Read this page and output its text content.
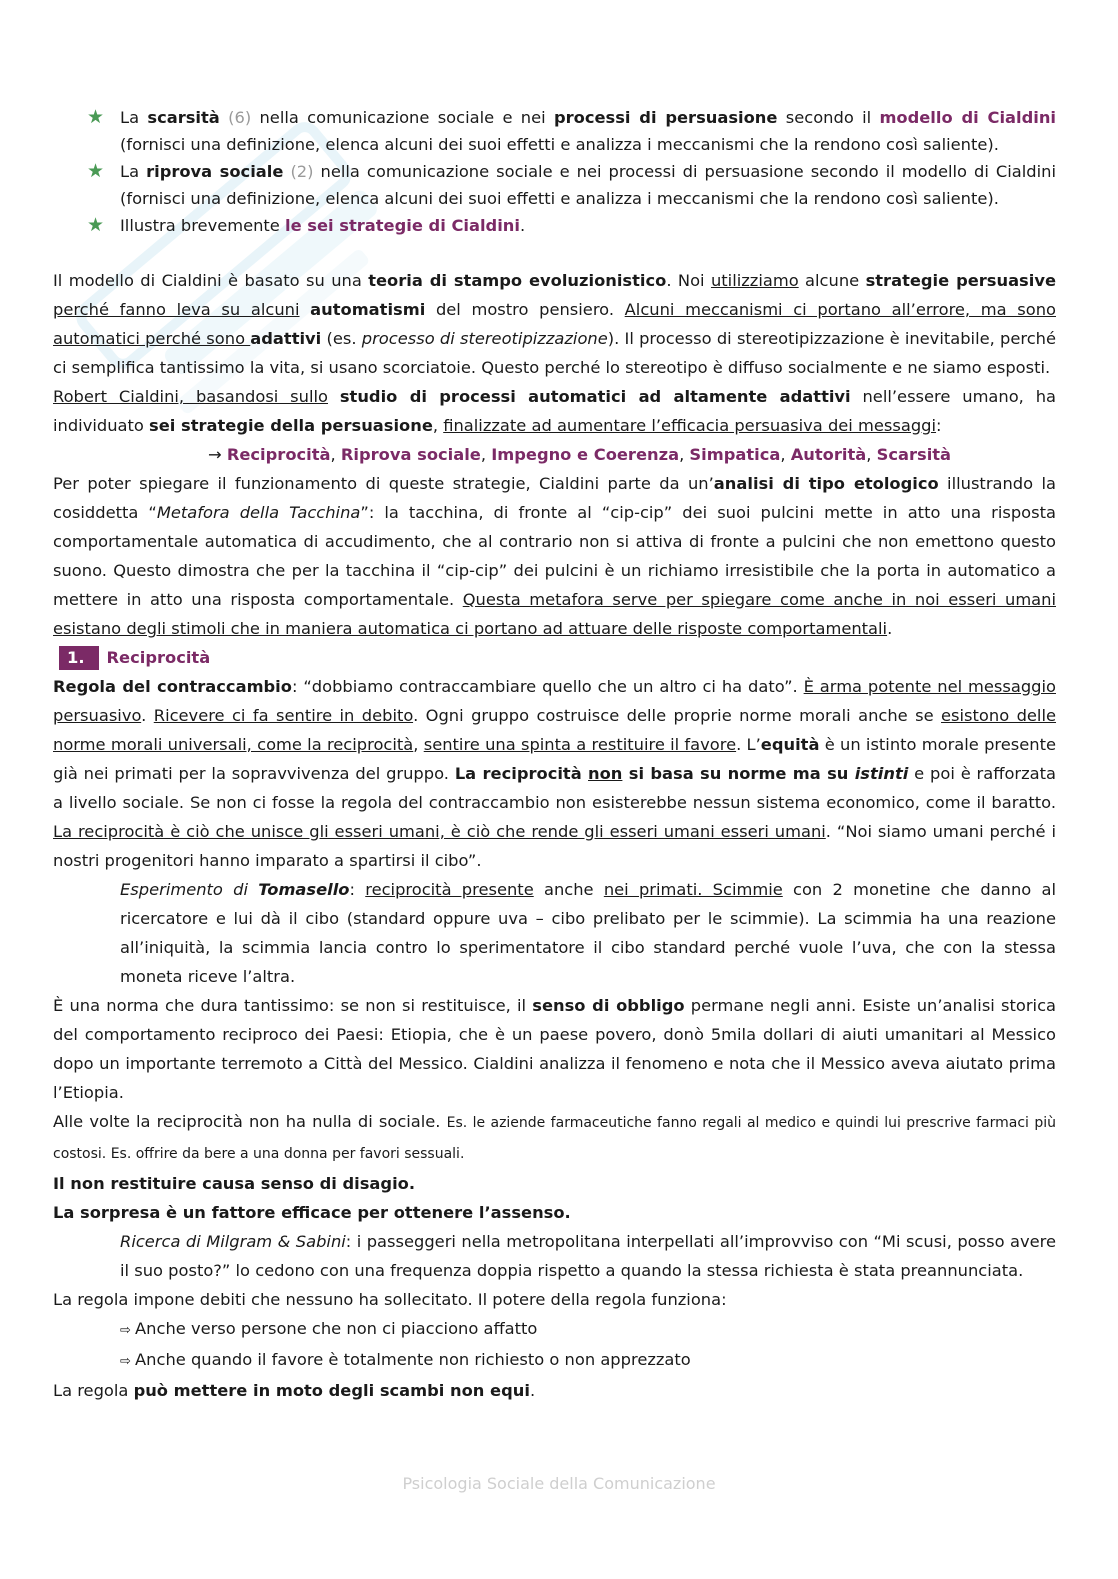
★ La scarsità (6) nella comunicazione sociale e nei processi di persuasione secondo il modello di Cialdini (fornisci una definizione, elenca alcuni dei suoi effetti e analizza i meccanismi che la rendono così saliente).
★ La riprova sociale (2) nella comunicazione sociale e nei processi di persuasione secondo il modello di Cialdini (fornisci una definizione, elenca alcuni dei suoi effetti e analizza i meccanismi che la rendono così saliente).
★ Illustra brevemente le sei strategie di Cialdini.

Il modello di Cialdini è basato su una teoria di stampo evoluzionistico. Noi utilizziamo alcune strategie persuasive perché fanno leva su alcuni automatismi del mostro pensiero. Alcuni meccanismi ci portano all’errore, ma sono automatici perché sono adattivi (es. processo di stereotipizzazione). Il processo di stereotipizzazione è inevitabile, perché ci semplifica tantissimo la vita, si usano scorciatoie. Questo perché lo stereotipo è diffuso socialmente e ne siamo esposti.

Robert Cialdini, basandosi sullo studio di processi automatici ad altamente adattivi nell’essere umano, ha individuato sei strategie della persuasione, finalizzate ad aumentare l’efficacia persuasiva dei messaggi:

→ Reciprocità, Riprova sociale, Impegno e Coerenza, Simpatica, Autorità, Scarsità

Per poter spiegare il funzionamento di queste strategie, Cialdini parte da un’analisi di tipo etologico illustrando la cosiddetta “Metafora della Tacchina”: la tacchina, di fronte al “cip-cip” dei suoi pulcini mette in atto una risposta comportamentale automatica di accudimento, che al contrario non si attiva di fronte a pulcini che non emettono questo suono. Questo dimostra che per la tacchina il “cip-cip” dei pulcini è un richiamo irresistibile che la porta in automatico a mettere in atto una risposta comportamentale. Questa metafora serve per spiegare come anche in noi esseri umani esistano degli stimoli che in maniera automatica ci portano ad attuare delle risposte comportamentali.

1.	Reciprocità

Regola del contraccambio: “dobbiamo contraccambiare quello che un altro ci ha dato”. È arma potente nel messaggio persuasivo. Ricevere ci fa sentire in debito. Ogni gruppo costruisce delle proprie norme morali anche se esistono delle norme morali universali, come la reciprocità, sentire una spinta a restituire il favore. L’equità è un istinto morale presente già nei primati per la sopravvivenza del gruppo. La reciprocità non si basa su norme ma su istinti e poi è rafforzata a livello sociale. Se non ci fosse la regola del contraccambio non esisterebbe nessun sistema economico, come il baratto. La reciprocità è ciò che unisce gli esseri umani, è ciò che rende gli esseri umani esseri umani. “Noi siamo umani perché i nostri progenitori hanno imparato a spartirsi il cibo”.

Esperimento di Tomasello: reciprocità presente anche nei primati. Scimmie con 2 monetine che danno al ricercatore e lui dà il cibo (standard oppure uva – cibo prelibato per le scimmie). La scimmia ha una reazione all’iniquità, la scimmia lancia contro lo sperimentatore il cibo standard perché vuole l’uva, che con la stessa moneta riceve l’altra.

È una norma che dura tantissimo: se non si restituisce, il senso di obbligo permane negli anni. Esiste un’analisi storica del comportamento reciproco dei Paesi: Etiopia, che è un paese povero, donò 5mila dollari di aiuti umanitari al Messico dopo un importante terremoto a Città del Messico. Cialdini analizza il fenomeno e nota che il Messico aveva aiutato prima l’Etiopia.

Alle volte la reciprocità non ha nulla di sociale. Es. le aziende farmaceutiche fanno regali al medico e quindi lui prescrive farmaci più costosi. Es. offrire da bere a una donna per favori sessuali.

Il non restituire causa senso di disagio.

La sorpresa è un fattore efficace per ottenere l’assenso.

Ricerca di Milgram & Sabini: i passeggeri nella metropolitana interpellati all’improvviso con “Mi scusi, posso avere il suo posto?” lo cedono con una frequenza doppia rispetto a quando la stessa richiesta è stata preannunciata.

La regola impone debiti che nessuno ha sollecitato. Il potere della regola funziona:

⇨ Anche verso persone che non ci piacciono affatto
⇨ Anche quando il favore è totalmente non richiesto o non apprezzato

La regola può mettere in moto degli scambi non equi.

Psicologia Sociale della Comunicazione
